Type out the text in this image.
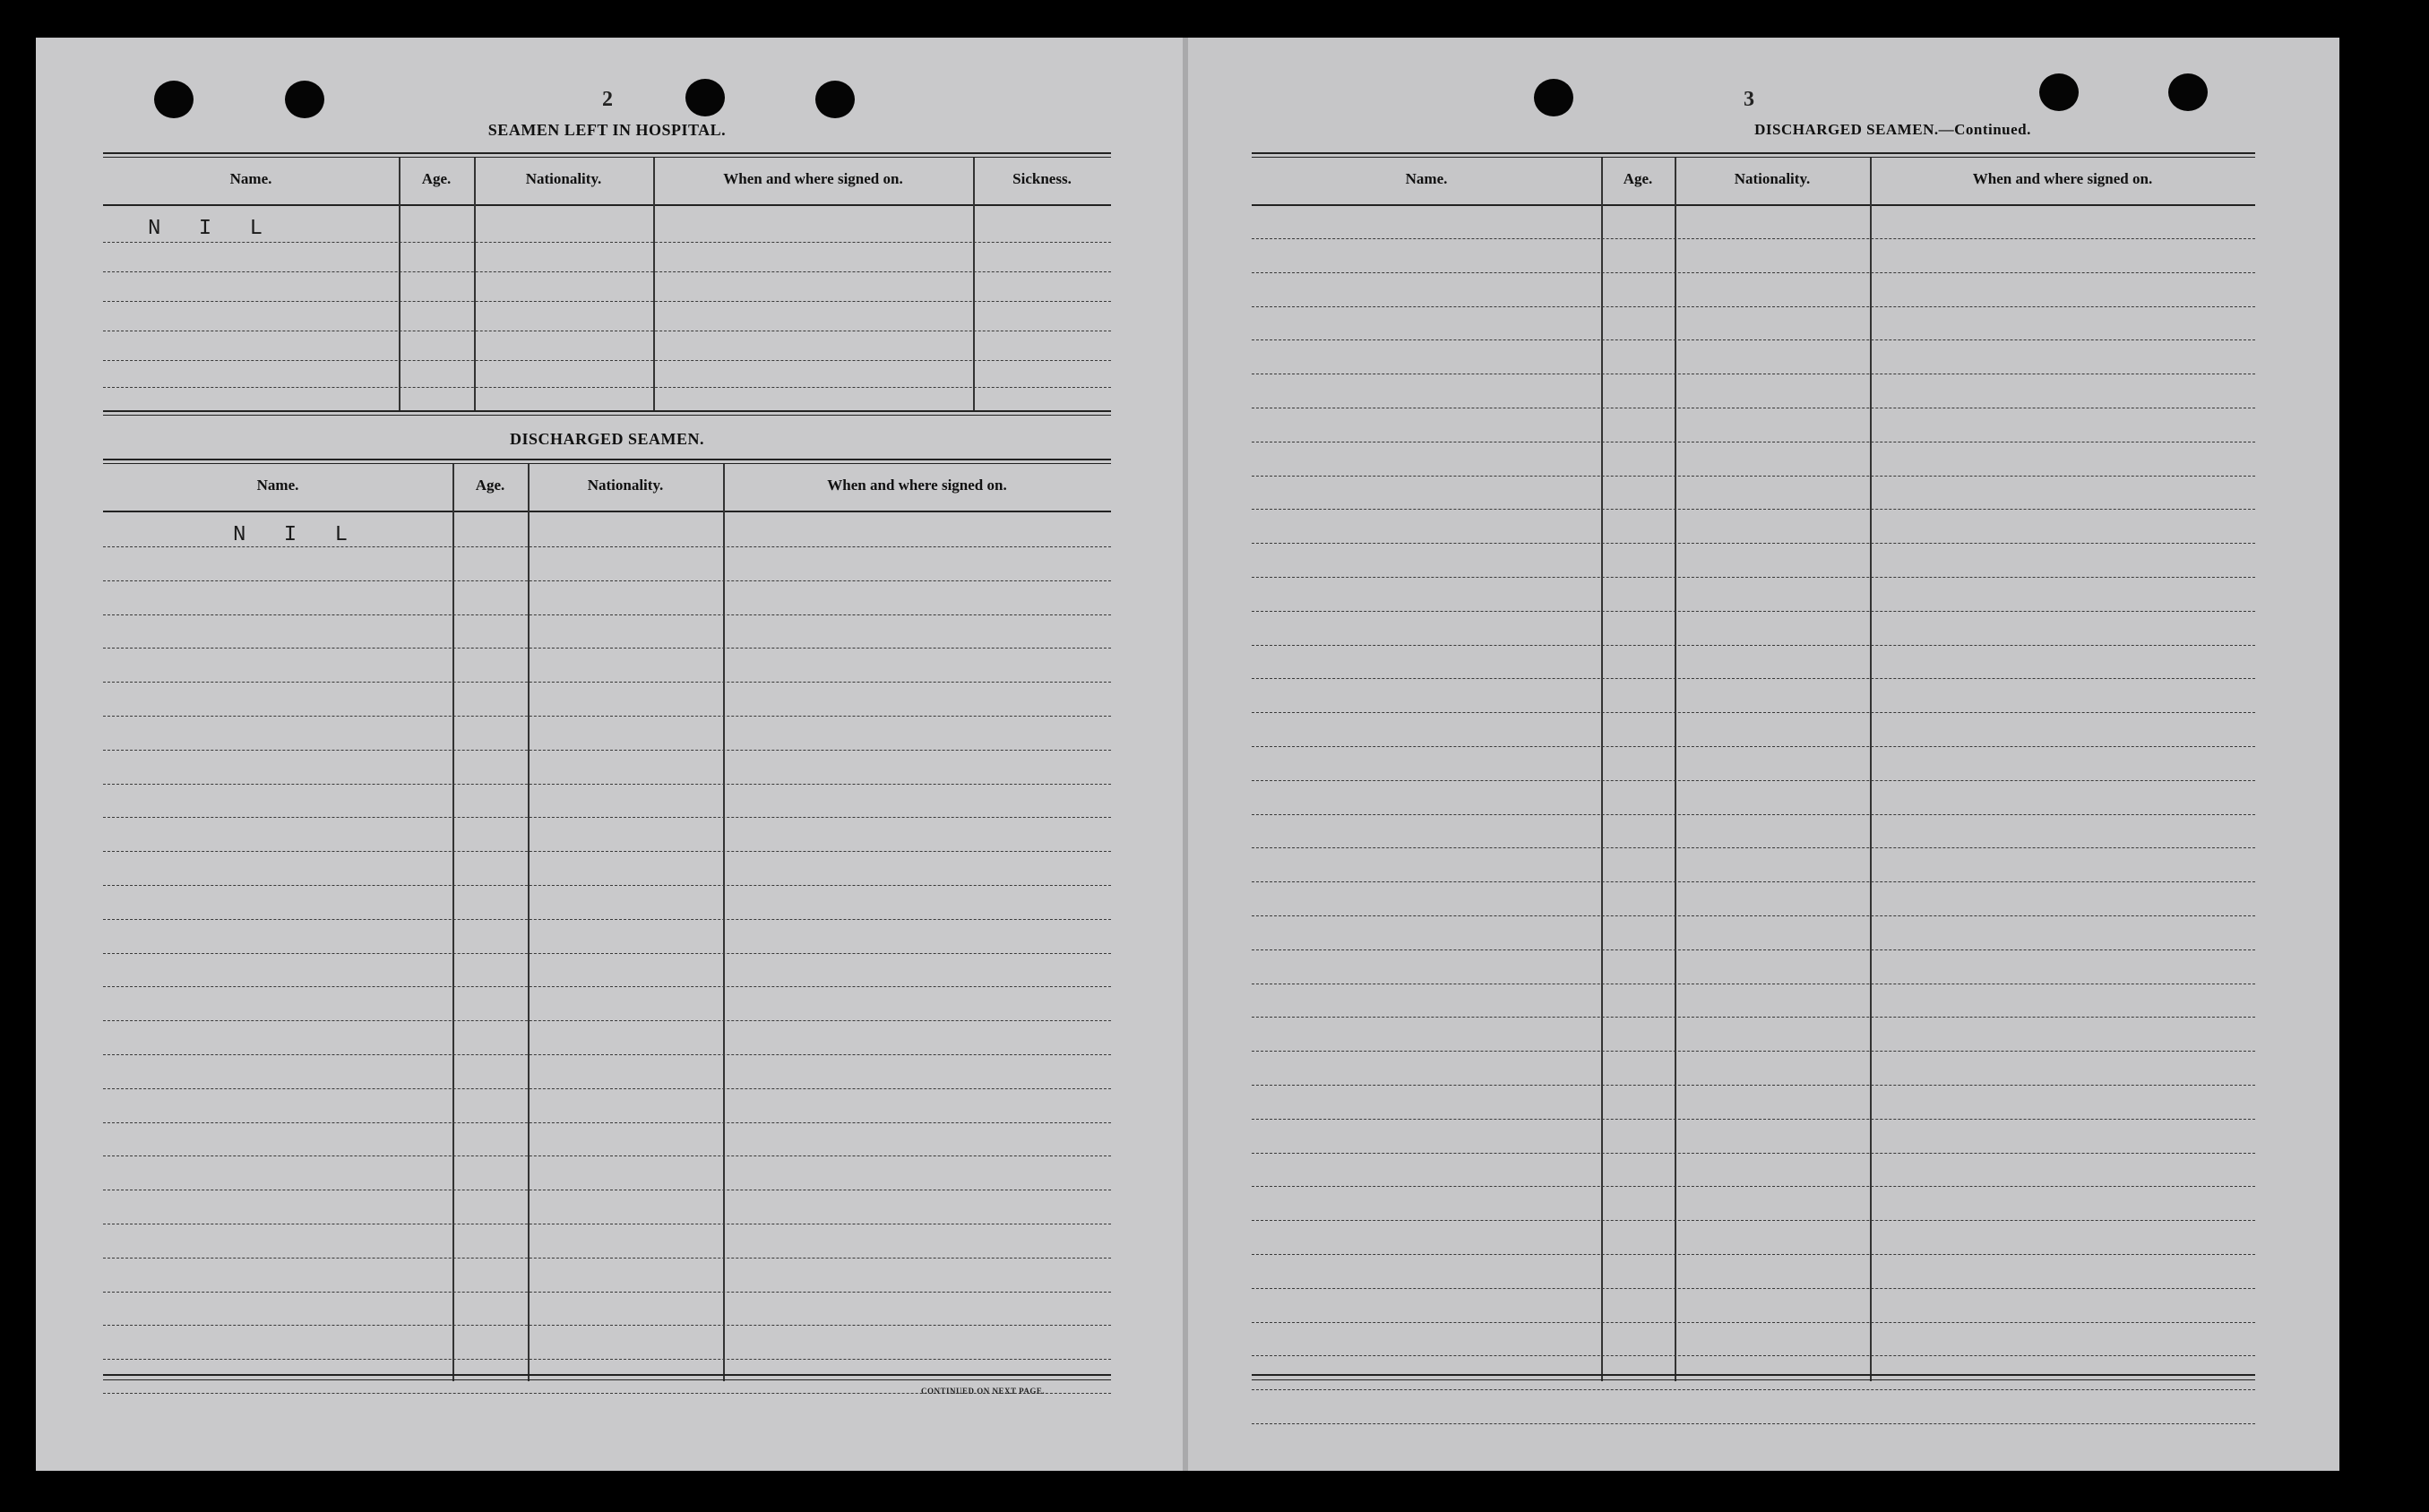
2	3
SEAMEN LEFT IN HOSPITAL.
Name.	Age.	Nationality.	When and where signed on.	Sickness.
N I L
DISCHARGED SEAMEN.
Name.	Age.	Nationality.	When and where signed on.
N I L
CONTINUED ON NEXT PAGE.
DISCHARGED SEAMEN.—Continued.
Name.	Age.	Nationality.	When and where signed on.
